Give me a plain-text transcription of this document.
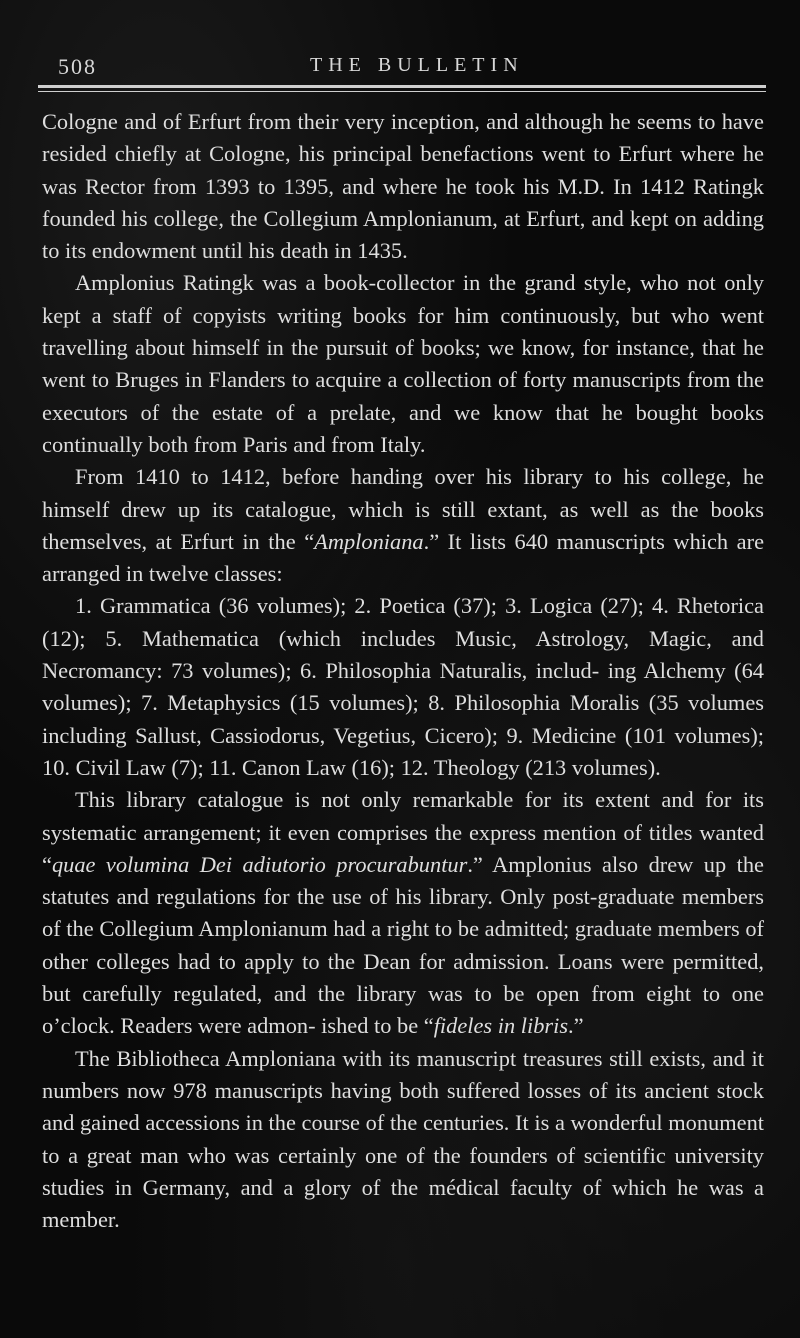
508	THE BULLETIN

Cologne and of Erfurt from their very inception, and although he seems to have resided chiefly at Cologne, his principal benefactions went to Erfurt where he was Rector from 1393 to 1395, and where he took his M.D. In 1412 Ratingk founded his college, the Collegium Amplonianum, at Erfurt, and kept on adding to its endowment until his death in 1435.

Amplonius Ratingk was a book-collector in the grand style, who not only kept a staff of copyists writing books for him continuously, but who went travelling about himself in the pursuit of books; we know, for instance, that he went to Bruges in Flanders to acquire a collection of forty manuscripts from the executors of the estate of a prelate, and we know that he bought books continually both from Paris and from Italy.

From 1410 to 1412, before handing over his library to his college, he himself drew up its catalogue, which is still extant, as well as the books themselves, at Erfurt in the “Amploniana.” It lists 640 manuscripts which are arranged in twelve classes:

1. Grammatica (36 volumes); 2. Poetica (37); 3. Logica (27); 4. Rhetorica (12); 5. Mathematica (which includes Music, Astrology, Magic, and Necromancy: 73 volumes); 6. Philosophia Naturalis, includ- ing Alchemy (64 volumes); 7. Metaphysics (15 volumes); 8. Philosophia Moralis (35 volumes including Sallust, Cassiodorus, Vegetius, Cicero); 9. Medicine (101 volumes); 10. Civil Law (7); 11. Canon Law (16); 12. Theology (213 volumes).

This library catalogue is not only remarkable for its extent and for its systematic arrangement; it even comprises the express mention of titles wanted “quae volumina Dei adiutorio procurabuntur.” Amplonius also drew up the statutes and regulations for the use of his library. Only post-graduate members of the Collegium Amplonianum had a right to be admitted; graduate members of other colleges had to apply to the Dean for admission. Loans were permitted, but carefully regulated, and the library was to be open from eight to one o’clock. Readers were admon- ished to be “fideles in libris.”

The Bibliotheca Amploniana with its manuscript treasures still exists, and it numbers now 978 manuscripts having both suffered losses of its ancient stock and gained accessions in the course of the centuries. It is a wonderful monument to a great man who was certainly one of the founders of scientific university studies in Germany, and a glory of the médical faculty of which he was a member.
